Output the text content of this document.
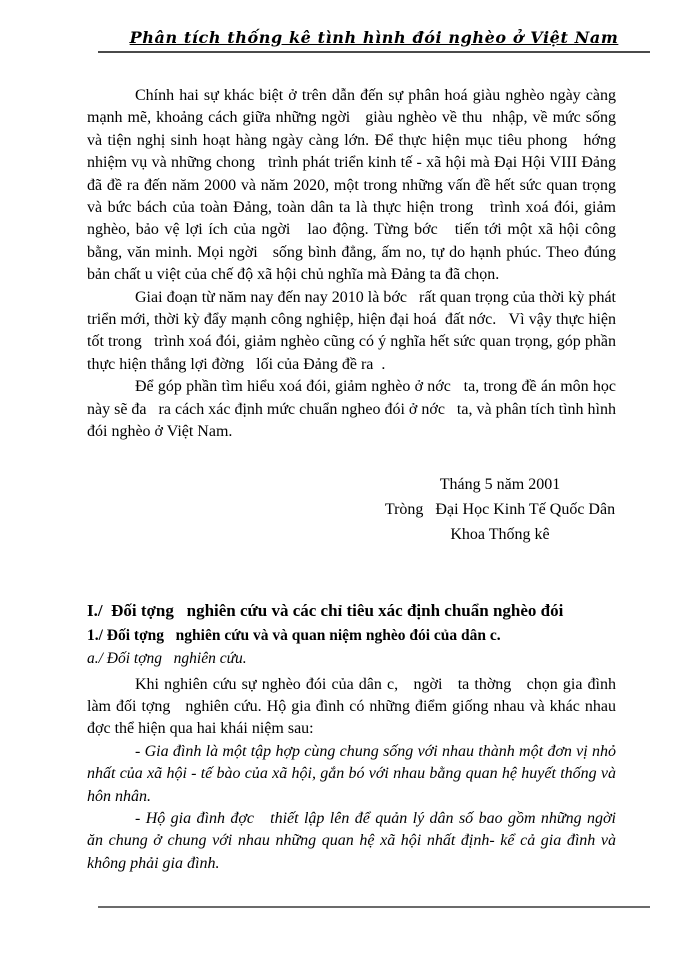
Phân tích thống kê tình hình đói nghèo ở Việt Nam

Chính hai sự khác biệt ở trên dẫn đến sự phân hoá giàu nghèo ngày càng mạnh mẽ, khoảng cách giữa những ngời   giàu nghèo về thu  nhập, về mức sống và tiện nghị sinh hoạt hàng ngày càng lớn. Để thực hiện mục tiêu phong   hớng nhiệm vụ và những chong   trình phát triển kinh tế - xã hội mà Đại Hội VIII Đảng đã đề ra đến năm 2000 và năm 2020, một trong những vấn đề hết sức quan trọng và bức bách của toàn Đảng, toàn dân ta là thực hiện trong   trình xoá đói, giảm nghèo, bảo vệ lợi ích của ngời   lao động. Từng bớc   tiến tới một xã hội công bằng, văn minh. Mọi ngời   sống bình đẳng, ấm no, tự do hạnh phúc. Theo đúng bản chất u việt của chế độ xã hội chủ nghĩa mà Đảng ta đã chọn.

Giai đoạn từ năm nay đến nay 2010 là bớc   rất quan trọng của thời kỳ phát triển mới, thời kỳ đẩy mạnh công nghiệp, hiện đại hoá  đất nớc.   Vì vậy thực hiện tốt trong   trình xoá đói, giảm nghèo cũng có ý nghĩa hết sức quan trọng, góp phần thực hiện thắng lợi đờng   lối của Đảng đề ra  .

Để góp phần tìm hiểu xoá đói, giảm nghèo ở nớc   ta, trong đề án môn học này sẽ đa   ra cách xác định mức chuẩn ngheo đói ở nớc   ta, và phân tích tình hình đói nghèo ở Việt Nam.

Tháng 5 năm 2001
Tròng   Đại Học Kinh Tế Quốc Dân
Khoa Thống kê

I./  Đối tợng   nghiên cứu và các chỉ tiêu xác định chuẩn nghèo đói

1./ Đối tợng   nghiên cứu và và quan niệm nghèo đói của dân c.

a./ Đối tợng   nghiên cứu.

Khi nghiên cứu sự nghèo đói của dân c,   ngời   ta thờng   chọn gia đình làm đối tợng   nghiên cứu. Hộ gia đình có những điểm giống nhau và khác nhau đợc thể hiện qua hai khái niệm sau:

- Gia đình là một tập hợp cùng chung sống với nhau thành một đơn vị nhỏ nhất của xã hội - tế bào của xã hội, gắn bó với nhau bằng quan hệ huyết thống và hôn nhân.

- Hộ gia đình đợc   thiết lập lên để quản lý dân số bao gồm những ngời   ăn chung ở chung với nhau những quan hệ xã hội nhất định- kể cả gia đình và không phải gia đình.
